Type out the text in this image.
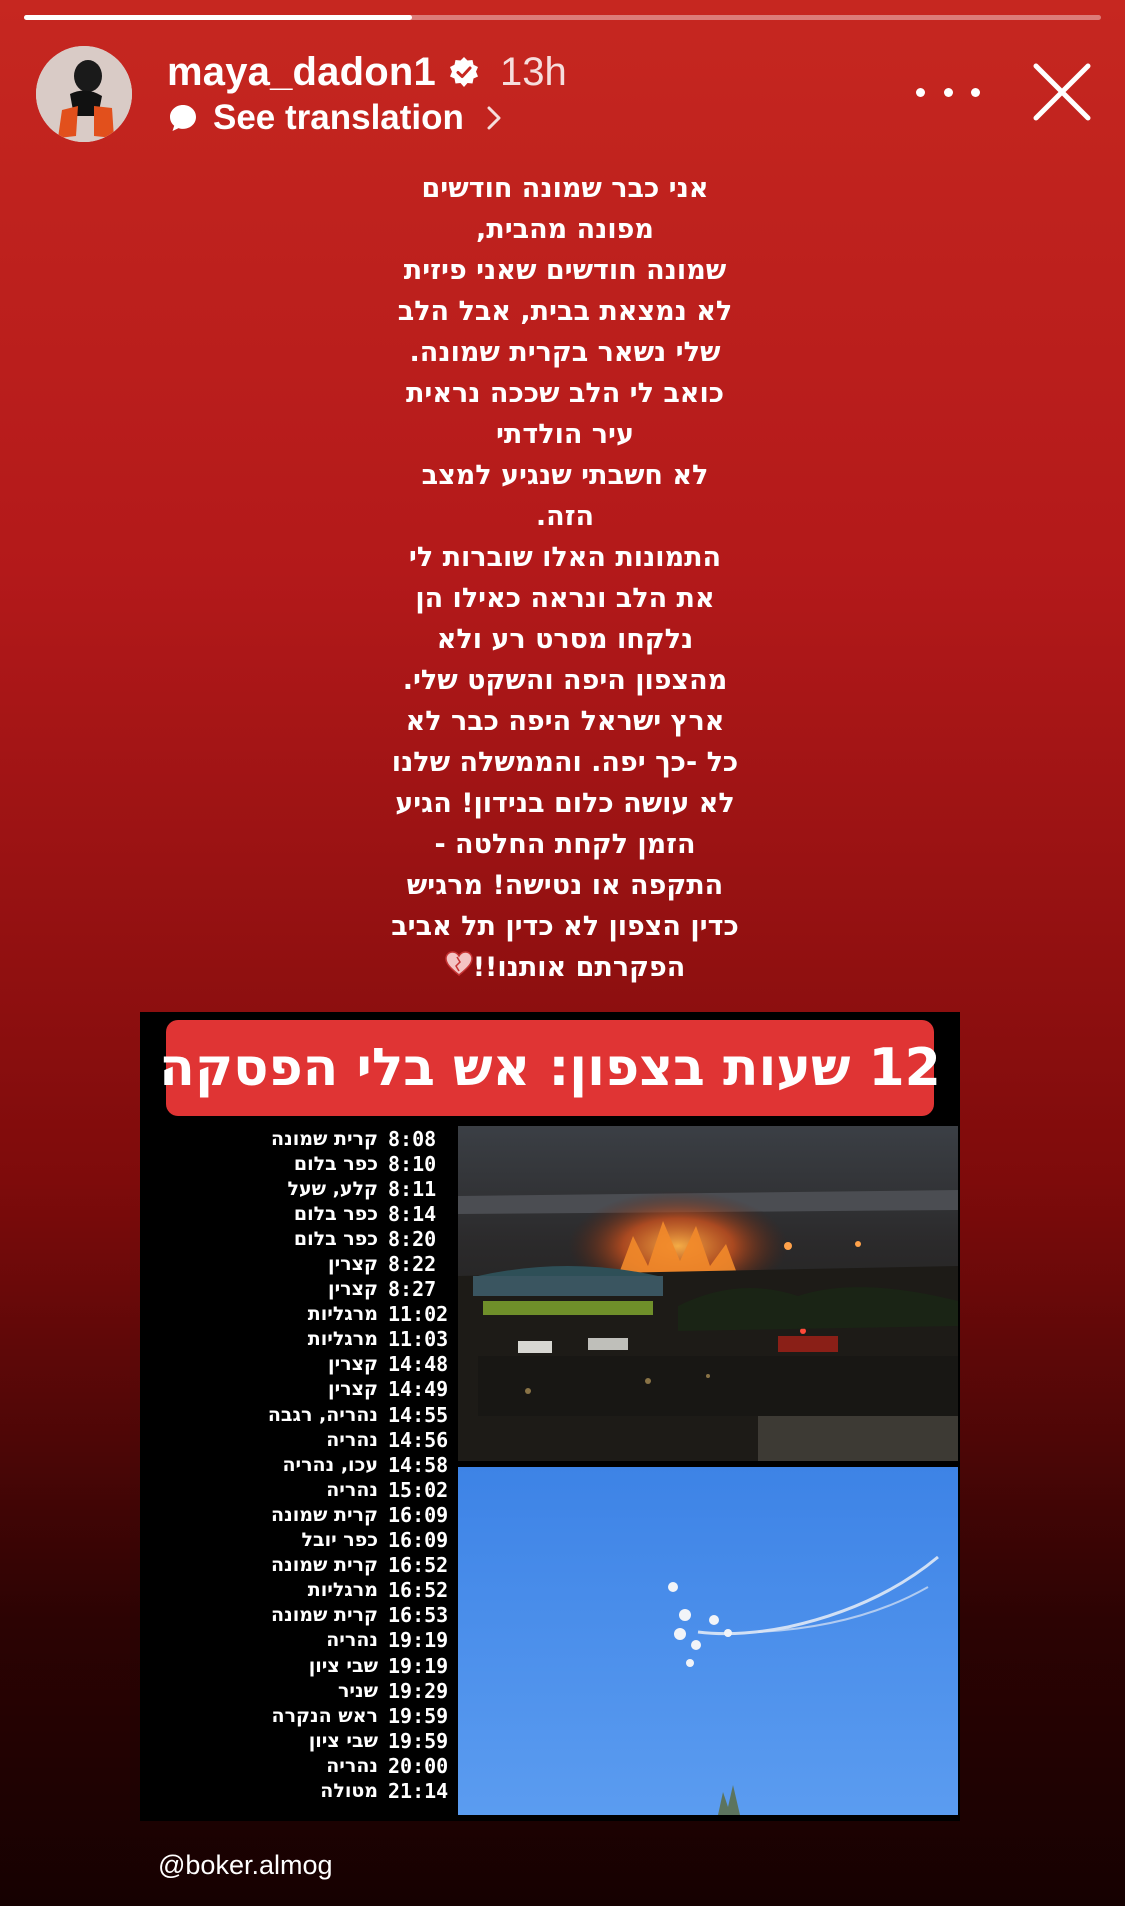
maya_dadon1 13h
See translation
אני כבר שמונה חודשים
מפונה מהבית,
שמונה חודשים שאני פיזית
לא נמצאת בבית, אבל הלב
שלי נשאר בקרית שמונה.
כואב לי הלב שככה נראית
עיר הולדתי
לא חשבתי שנגיע למצב
הזה.
התמונות האלו שוברות לי
את הלב ונראה כאילו הן
נלקחו מסרט רע ולא
מהצפון היפה והשקט שלי.
ארץ ישראל היפה כבר לא
כל -כך יפה. והממשלה שלנו
לא עושה כלום בנידון! הגיע
הזמן לקחת החלטה -
התקפה או נטישה! מרגיש
כדין הצפון לא כדין תל אביב
הפקרתם אותנו!!
12 שעות בצפון: אש בלי הפסקה
קרית שמונה 8:08
כפר בלום 8:10
קלע, שעל 8:11
כפר בלום 8:14
כפר בלום 8:20
קצרין 8:22
קצרין 8:27
מרגליות 11:02
מרגליות 11:03
קצרין 14:48
קצרין 14:49
נהריה, רגבה 14:55
נהריה 14:56
עכו, נהריה 14:58
נהריה 15:02
קרית שמונה 16:09
כפר יובל 16:09
קרית שמונה 16:52
מרגליות 16:52
קרית שמונה 16:53
נהריה 19:19
שבי ציון 19:19
שניר 19:29
ראש הנקרה 19:59
שבי ציון 19:59
נהריה 20:00
מטולה 21:14
@boker.almog
